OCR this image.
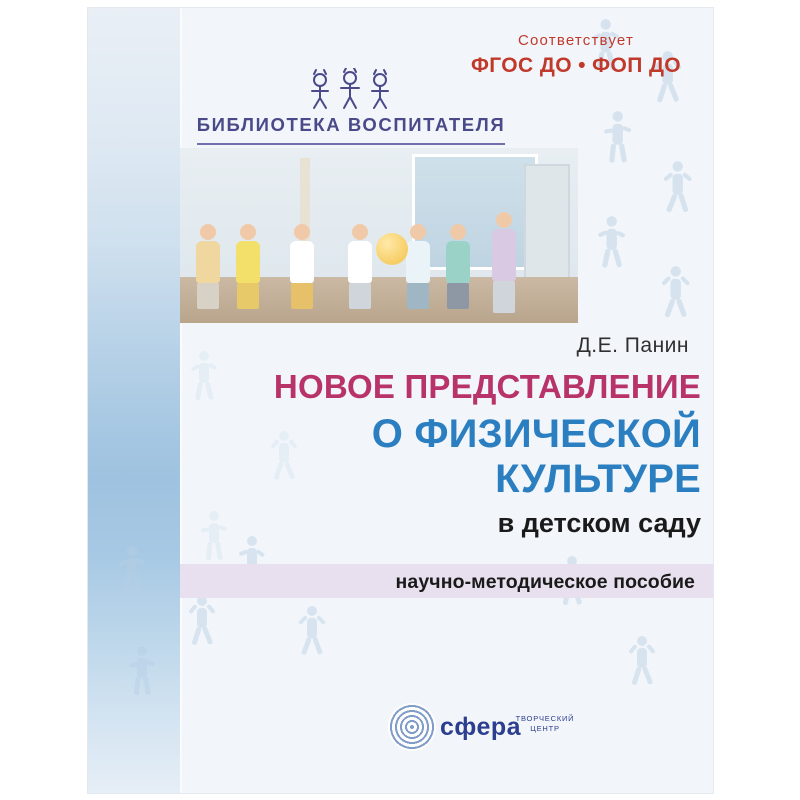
Соответствует
ФГОС ДО • ФОП ДО
БИБЛИОТЕКА ВОСПИТАТЕЛЯ
Д.Е. Панин
НОВОЕ ПРЕДСТАВЛЕНИЕ
О ФИЗИЧЕСКОЙ
КУЛЬТУРЕ
в детском саду
научно-методическое пособие
сфера
ТВОРЧЕСКИЙ
ЦЕНТР
